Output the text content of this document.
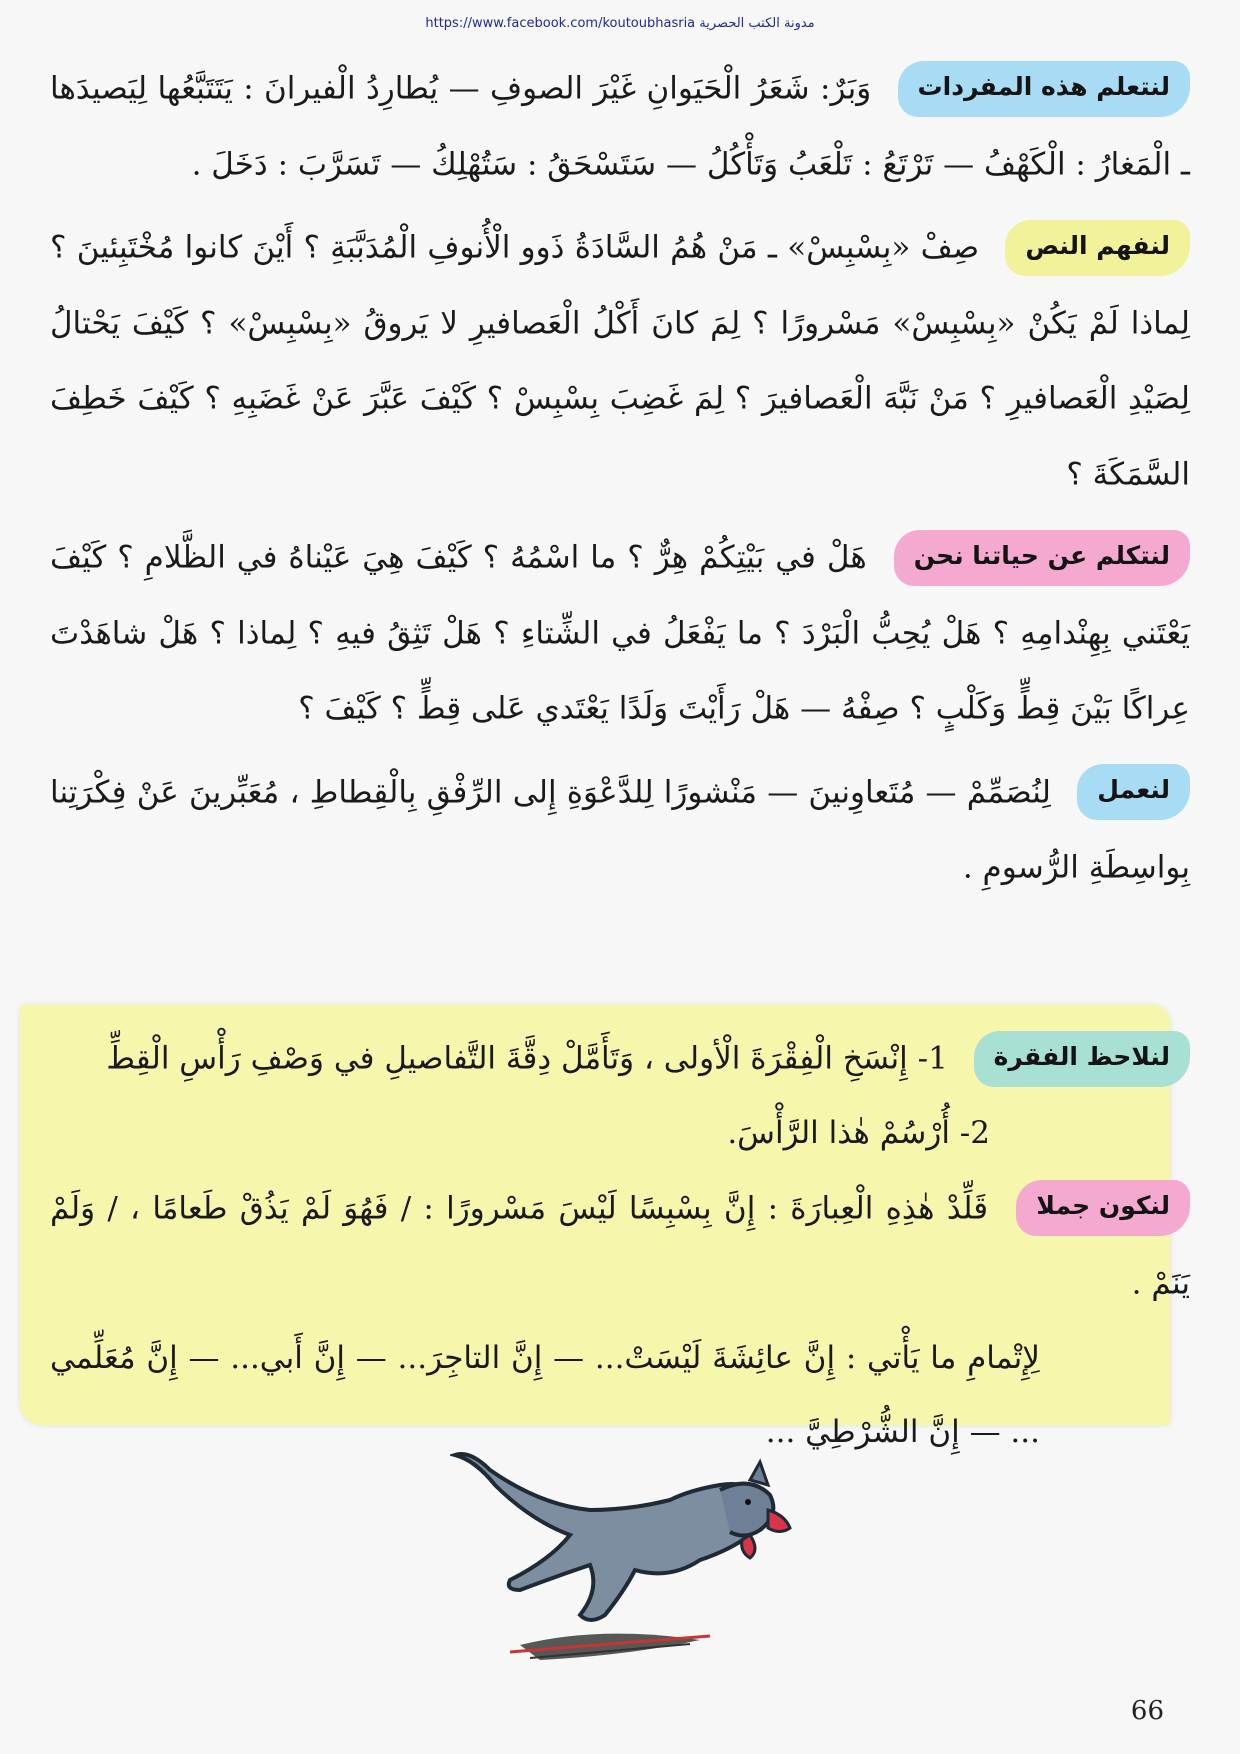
https://www.facebook.com/koutoubhasria مدونة الكتب الحصرية

لنتعلم هذه المفردات وَبَرٌ: شَعَرُ الْحَيَوانِ غَيْرَ الصوفِ — يُطارِدُ الْفيرانَ : يَتَتَبَّعُها لِيَصيدَها ـ الْمَغارُ : الْكَهْفُ — تَرْتَعُ : تَلْعَبُ وَتَأْكُلُ — سَتَسْحَقُ : سَتُهْلِكُ — تَسَرَّبَ : دَخَلَ .

لنفهم النص صِفْ «بِسْبِسْ» ـ مَنْ هُمُ السَّادَةُ ذَوو الْأُنوفِ الْمُدَبَّبَةِ ؟ أَيْنَ كانوا مُخْتَبِئينَ ؟ لِماذا لَمْ يَكُنْ «بِسْبِسْ» مَسْرورًا ؟ لِمَ كانَ أَكْلُ الْعَصافيرِ لا يَروقُ «بِسْبِسْ» ؟ كَيْفَ يَحْتالُ لِصَيْدِ الْعَصافيرِ ؟ مَنْ نَبَّهَ الْعَصافيرَ ؟ لِمَ غَضِبَ بِسْبِسْ ؟ كَيْفَ عَبَّرَ عَنْ غَضَبِهِ ؟ كَيْفَ خَطِفَ السَّمَكَةَ ؟

لنتكلم عن حياتنا نحن هَلْ في بَيْتِكُمْ هِرٌّ ؟ ما اسْمُهُ ؟ كَيْفَ هِيَ عَيْناهُ في الظَّلامِ ؟ كَيْفَ يَعْتَني بِهِنْدامِهِ ؟ هَلْ يُحِبُّ الْبَرْدَ ؟ ما يَفْعَلُ في الشِّتاءِ ؟ هَلْ تَثِقُ فيهِ ؟ لِماذا ؟ هَلْ شاهَدْتَ عِراكًا بَيْنَ قِطٍّ وَكَلْبٍ ؟ صِفْهُ — هَلْ رَأَيْتَ وَلَدًا يَعْتَدي عَلى قِطٍّ ؟ كَيْفَ ؟

لنعمل لِنُصَمِّمْ — مُتَعاوِنينَ — مَنْشورًا لِلدَّعْوَةِ إِلى الرِّفْقِ بِالْقِطاطِ ، مُعَبِّرينَ عَنْ فِكْرَتِنا بِواسِطَةِ الرُّسومِ .

لنلاحظ الفقرة 1- إِنْسَخِ الْفِقْرَةَ الْأولى ، وَتَأَمَّلْ دِقَّةَ التَّفاصيلِ في وَصْفِ رَأْسِ الْقِطِّ

2- أُرْسُمْ هٰذا الرَّأْسَ.

لنكون جملا قَلِّدْ هٰذِهِ الْعِبارَةَ : إِنَّ بِسْبِسًا لَيْسَ مَسْرورًا : / فَهُوَ لَمْ يَذُقْ طَعامًا ، / وَلَمْ يَنَمْ .

لِإِتْمامِ ما يَأْتي : إِنَّ عائِشَةَ لَيْسَتْ... — إِنَّ التاجِرَ... — إِنَّ أَبي... — إِنَّ مُعَلِّمي ... — إِنَّ الشُّرْطِيَّ ...

66
